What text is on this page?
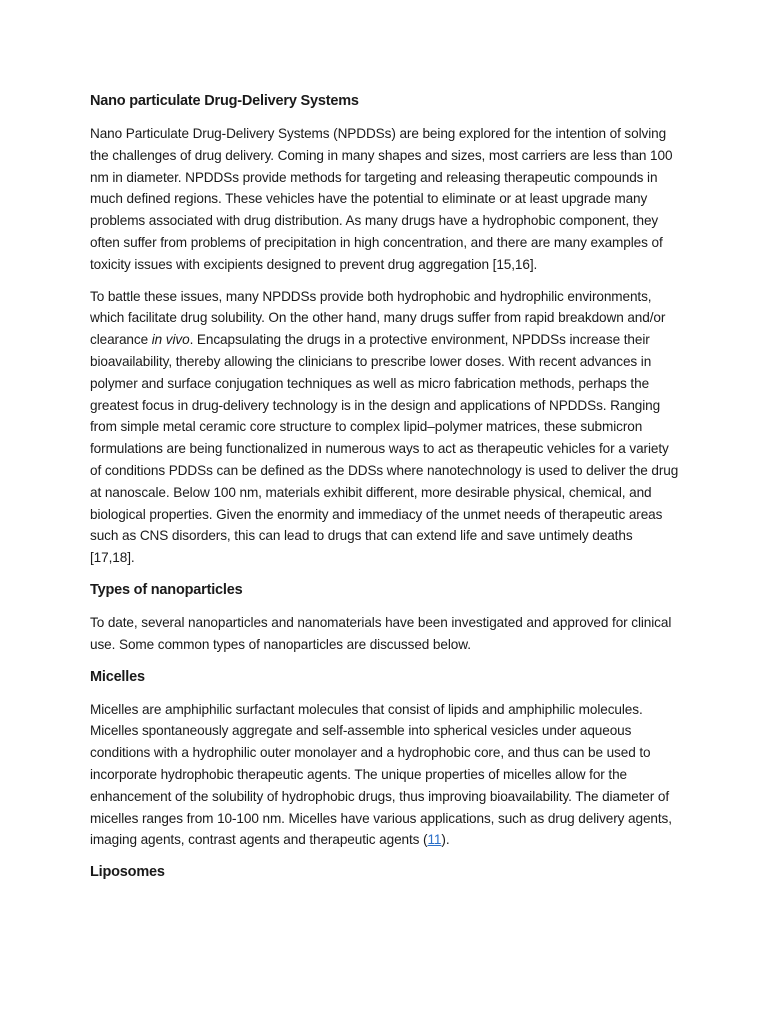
Nano particulate Drug-Delivery Systems

Nano Particulate Drug-Delivery Systems (NPDDSs) are being explored for the intention of solving the challenges of drug delivery. Coming in many shapes and sizes, most carriers are less than 100 nm in diameter. NPDDSs provide methods for targeting and releasing therapeutic compounds in much defined regions. These vehicles have the potential to eliminate or at least upgrade many problems associated with drug distribution. As many drugs have a hydrophobic component, they often suffer from problems of precipitation in high concentration, and there are many examples of toxicity issues with excipients designed to prevent drug aggregation [15,16].

To battle these issues, many NPDDSs provide both hydrophobic and hydrophilic environments, which facilitate drug solubility. On the other hand, many drugs suffer from rapid breakdown and/or clearance in vivo. Encapsulating the drugs in a protective environment, NPDDSs increase their bioavailability, thereby allowing the clinicians to prescribe lower doses. With recent advances in polymer and surface conjugation techniques as well as micro fabrication methods, perhaps the greatest focus in drug-delivery technology is in the design and applications of NPDDSs. Ranging from simple metal ceramic core structure to complex lipid–polymer matrices, these submicron formulations are being functionalized in numerous ways to act as therapeutic vehicles for a variety of conditions PDDSs can be defined as the DDSs where nanotechnology is used to deliver the drug at nanoscale. Below 100 nm, materials exhibit different, more desirable physical, chemical, and biological properties. Given the enormity and immediacy of the unmet needs of therapeutic areas such as CNS disorders, this can lead to drugs that can extend life and save untimely deaths [17,18].

Types of nanoparticles

To date, several nanoparticles and nanomaterials have been investigated and approved for clinical use. Some common types of nanoparticles are discussed below.

Micelles

Micelles are amphiphilic surfactant molecules that consist of lipids and amphiphilic molecules. Micelles spontaneously aggregate and self-assemble into spherical vesicles under aqueous conditions with a hydrophilic outer monolayer and a hydrophobic core, and thus can be used to incorporate hydrophobic therapeutic agents. The unique properties of micelles allow for the enhancement of the solubility of hydrophobic drugs, thus improving bioavailability. The diameter of micelles ranges from 10-100 nm. Micelles have various applications, such as drug delivery agents, imaging agents, contrast agents and therapeutic agents (11).

Liposomes
